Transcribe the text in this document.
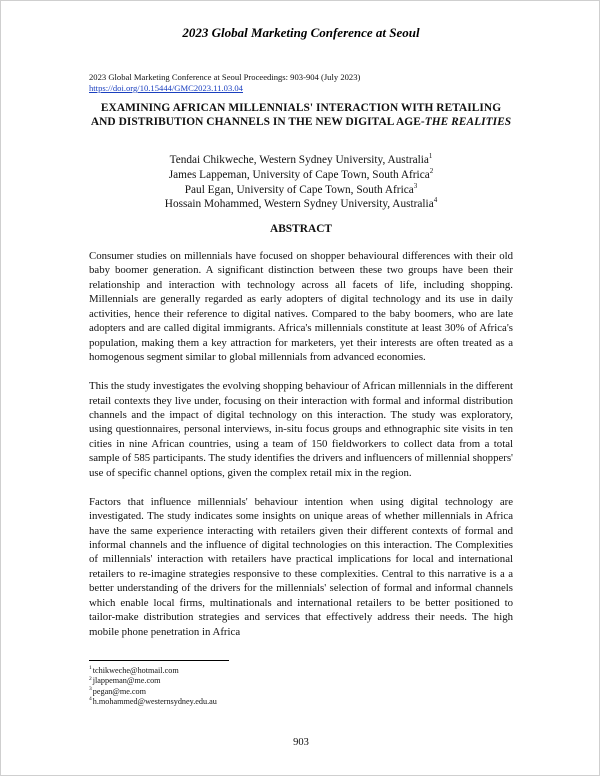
2023 Global Marketing Conference at Seoul
2023 Global Marketing Conference at Seoul Proceedings: 903-904 (July 2023)
https://doi.org/10.15444/GMC2023.11.03.04
EXAMINING AFRICAN MILLENNIALS' INTERACTION WITH RETAILING AND DISTRIBUTION CHANNELS IN THE NEW DIGITAL AGE-THE REALITIES
Tendai Chikweche, Western Sydney University, Australia$^1$
James Lappeman, University of Cape Town, South Africa$^2$
Paul Egan, University of Cape Town, South Africa$^3$
Hossain Mohammed, Western Sydney University, Australia$^4$
ABSTRACT

Consumer studies on millennials have focused on shopper behavioural differences with their old baby boomer generation. A significant distinction between these two groups have been their relationship and interaction with technology across all facets of life, including shopping. Millennials are generally regarded as early adopters of digital technology and its use in daily activities, hence their reference to digital natives. Compared to the baby boomers, who are late adopters and are called digital immigrants. Africa's millennials constitute at least 30% of Africa's population, making them a key attraction for marketers, yet their interests are often treated as a homogenous segment similar to global millennials from advanced economies.

This the study investigates the evolving shopping behaviour of African millennials in the different retail contexts they live under, focusing on their interaction with formal and informal distribution channels and the impact of digital technology on this interaction. The study was exploratory, using questionnaires, personal interviews, in-situ focus groups and ethnographic site visits in ten cities in nine African countries, using a team of 150 fieldworkers to collect data from a total sample of 585 participants. The study identifies the drivers and influencers of millennial shoppers' use of specific channel options, given the complex retail mix in the region.

Factors that influence millennials' behaviour intention when using digital technology are investigated. The study indicates some insights on unique areas of whether millennials in Africa have the same experience interacting with retailers given their different contexts of formal and informal channels and the influence of digital technologies on this interaction. The Complexities of millennials' interaction with retailers have practical implications for local and international retailers to re-imagine strategies responsive to these complexities. Central to this narrative is a a better understanding of the drivers for the millennials' selection of formal and informal channels which enable local firms, multinationals and international retailers to be better positioned to tailor-make distribution strategies and services that effectively address their needs. The high mobile phone penetration in Africa

$^1$tchikweche@hotmail.com
$^2$jlappeman@me.com
$^3$pegan@me.com
$^4$h.mohammed@westernsydney.edu.au
903
